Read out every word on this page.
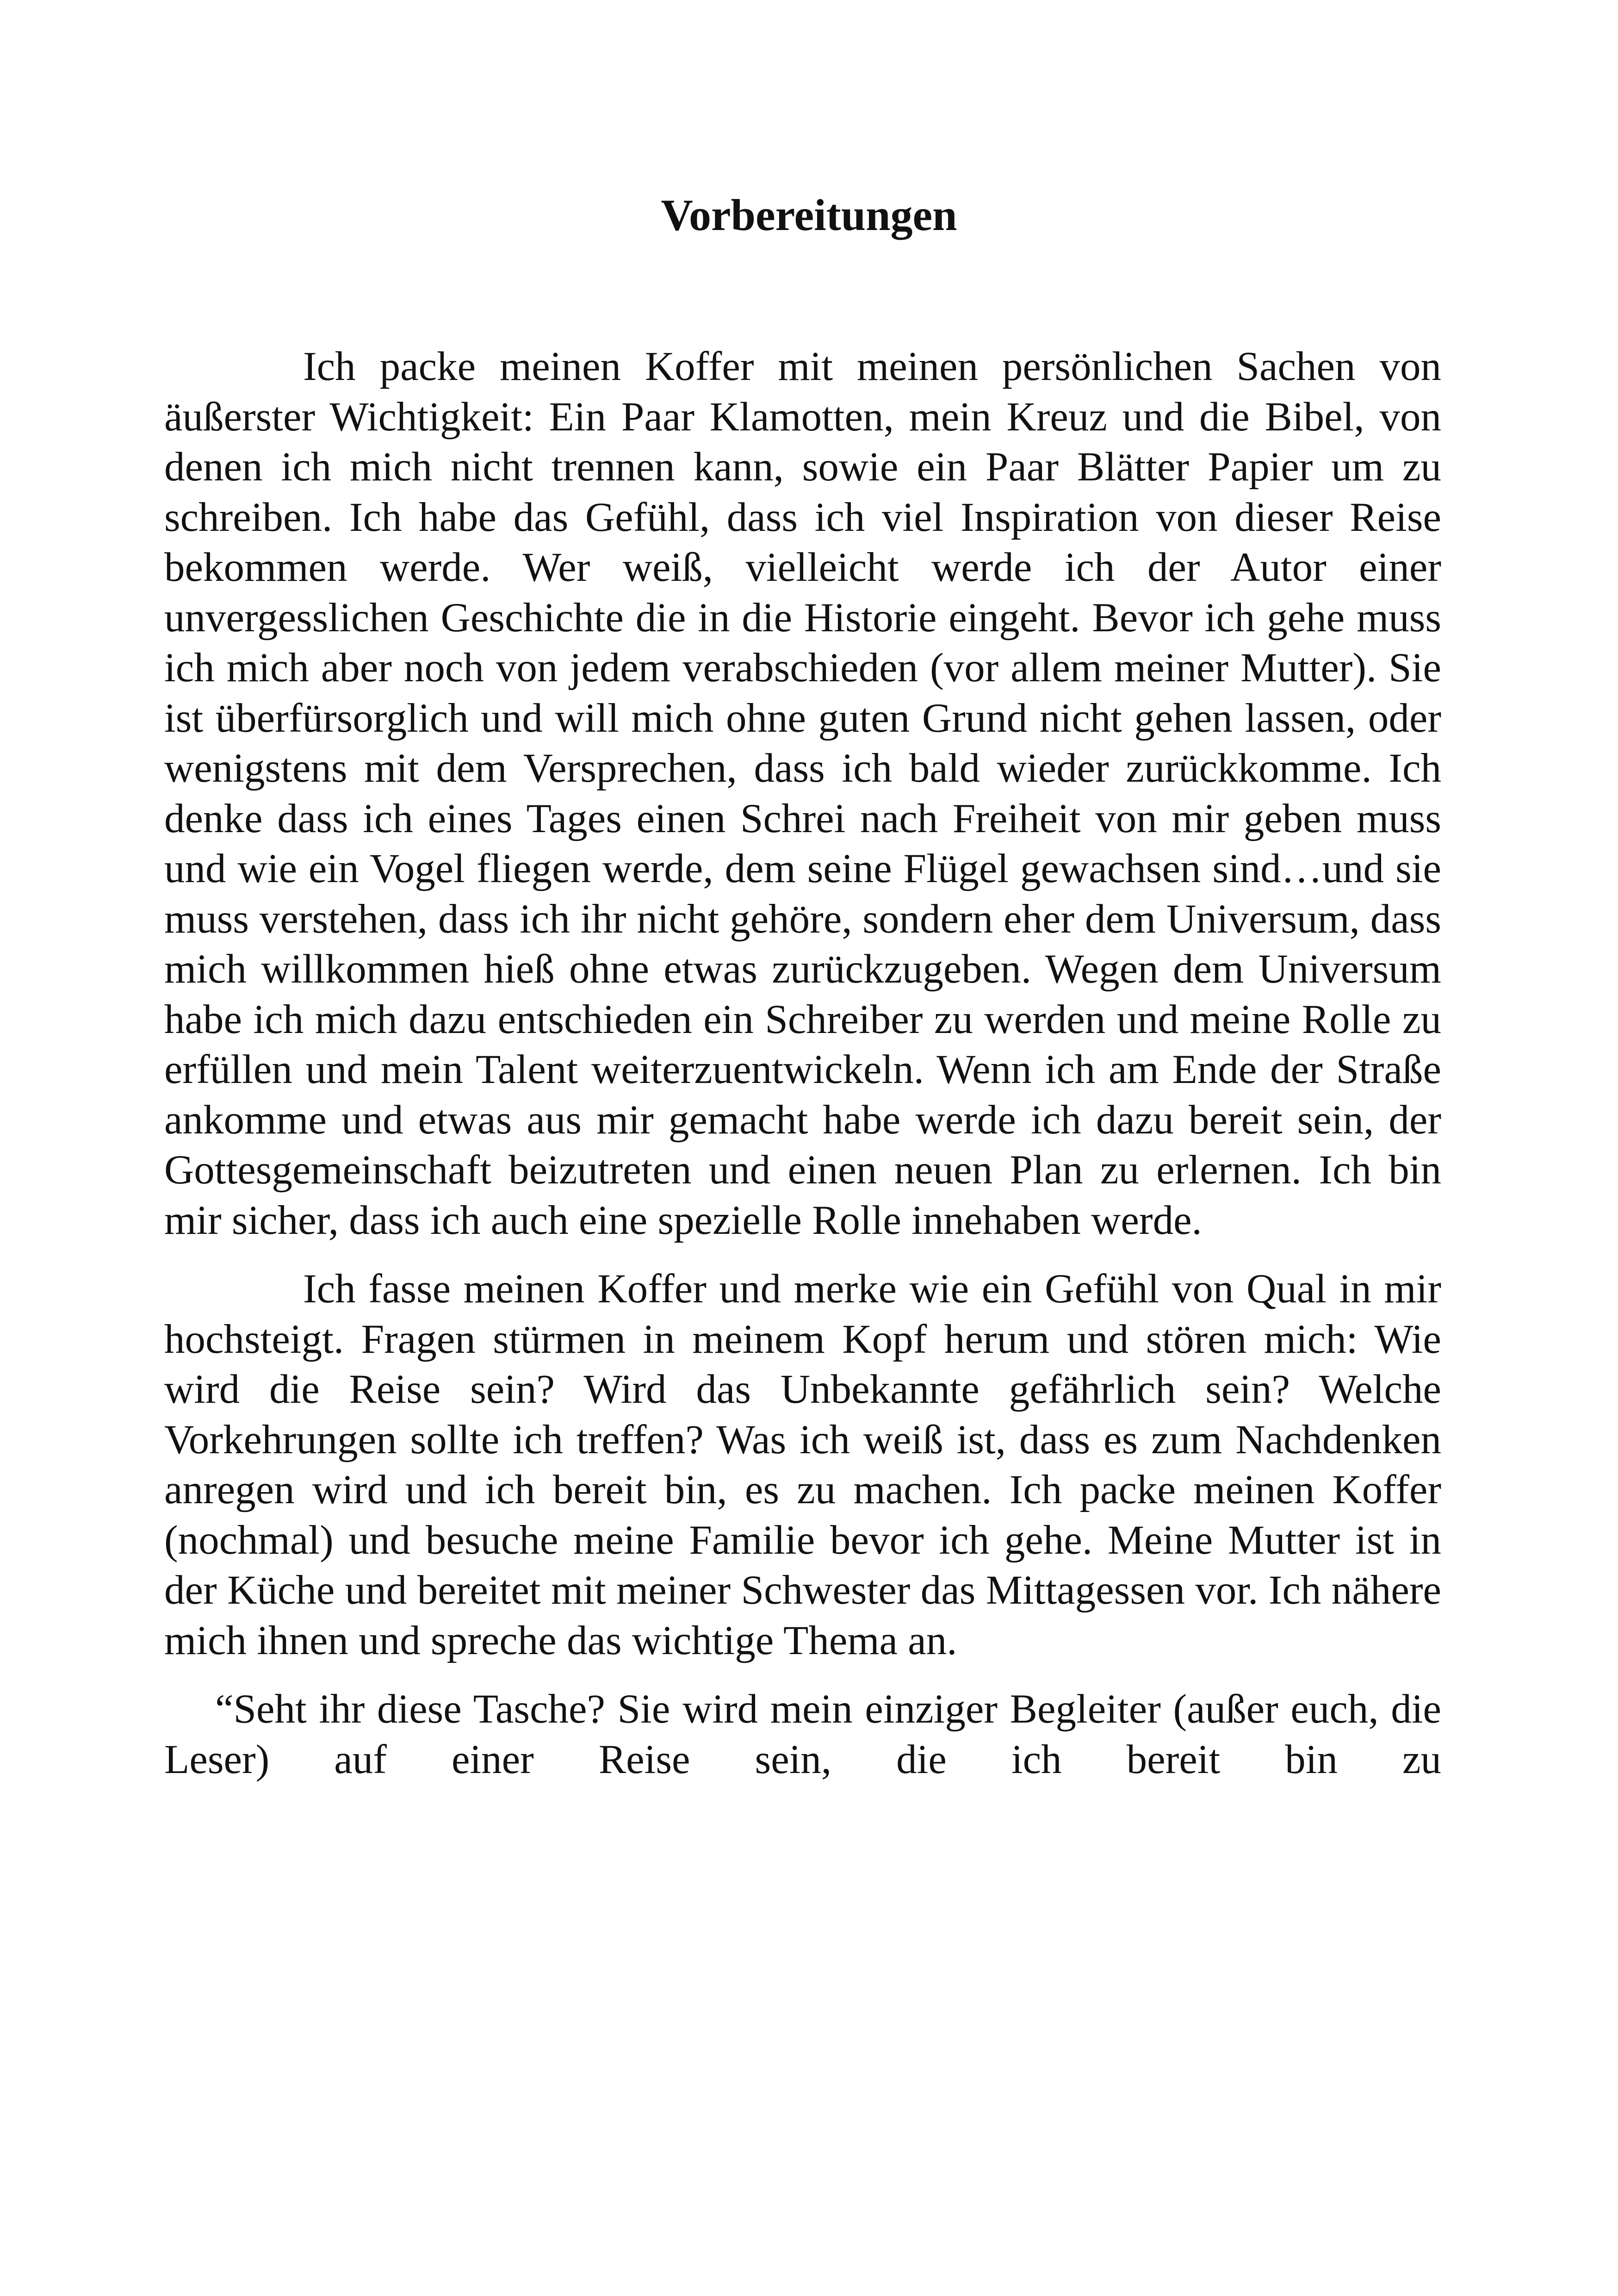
Vorbereitungen

Ich packe meinen Koffer mit meinen persönlichen Sachen von äußerster Wichtigkeit: Ein Paar Klamotten, mein Kreuz und die Bibel, von denen ich mich nicht trennen kann, sowie ein Paar Blätter Papier um zu schreiben. Ich habe das Gefühl, dass ich viel Inspiration von dieser Reise bekommen werde. Wer weiß, vielleicht werde ich der Autor einer unvergesslichen Geschichte die in die Historie eingeht. Bevor ich gehe muss ich mich aber noch von jedem verabschieden (vor allem meiner Mutter). Sie ist überfürsorglich und will mich ohne guten Grund nicht gehen lassen, oder wenigstens mit dem Versprechen, dass ich bald wieder zurückkomme. Ich denke dass ich eines Tages einen Schrei nach Freiheit von mir geben muss und wie ein Vogel fliegen werde, dem seine Flügel gewachsen sind…und sie muss verstehen, dass ich ihr nicht gehöre, sondern eher dem Universum, dass mich willkommen hieß ohne etwas zurückzugeben. Wegen dem Universum habe ich mich dazu entschieden ein Schreiber zu werden und meine Rolle zu erfüllen und mein Talent weiterzuentwickeln. Wenn ich am Ende der Straße ankomme und etwas aus mir gemacht habe werde ich dazu bereit sein, der Gottesgemeinschaft beizutreten und einen neuen Plan zu erlernen. Ich bin mir sicher, dass ich auch eine spezielle Rolle innehaben werde.

Ich fasse meinen Koffer und merke wie ein Gefühl von Qual in mir hochsteigt. Fragen stürmen in meinem Kopf herum und stören mich: Wie wird die Reise sein? Wird das Unbekannte gefährlich sein? Welche Vorkehrungen sollte ich treffen? Was ich weiß ist, dass es zum Nachdenken anregen wird und ich bereit bin, es zu machen. Ich packe meinen Koffer (nochmal) und besuche meine Familie bevor ich gehe. Meine Mutter ist in der Küche und bereitet mit meiner Schwester das Mittagessen vor. Ich nähere mich ihnen und spreche das wichtige Thema an.

“Seht ihr diese Tasche? Sie wird mein einziger Begleiter (außer euch, die Leser) auf einer Reise sein, die ich bereit bin zu
